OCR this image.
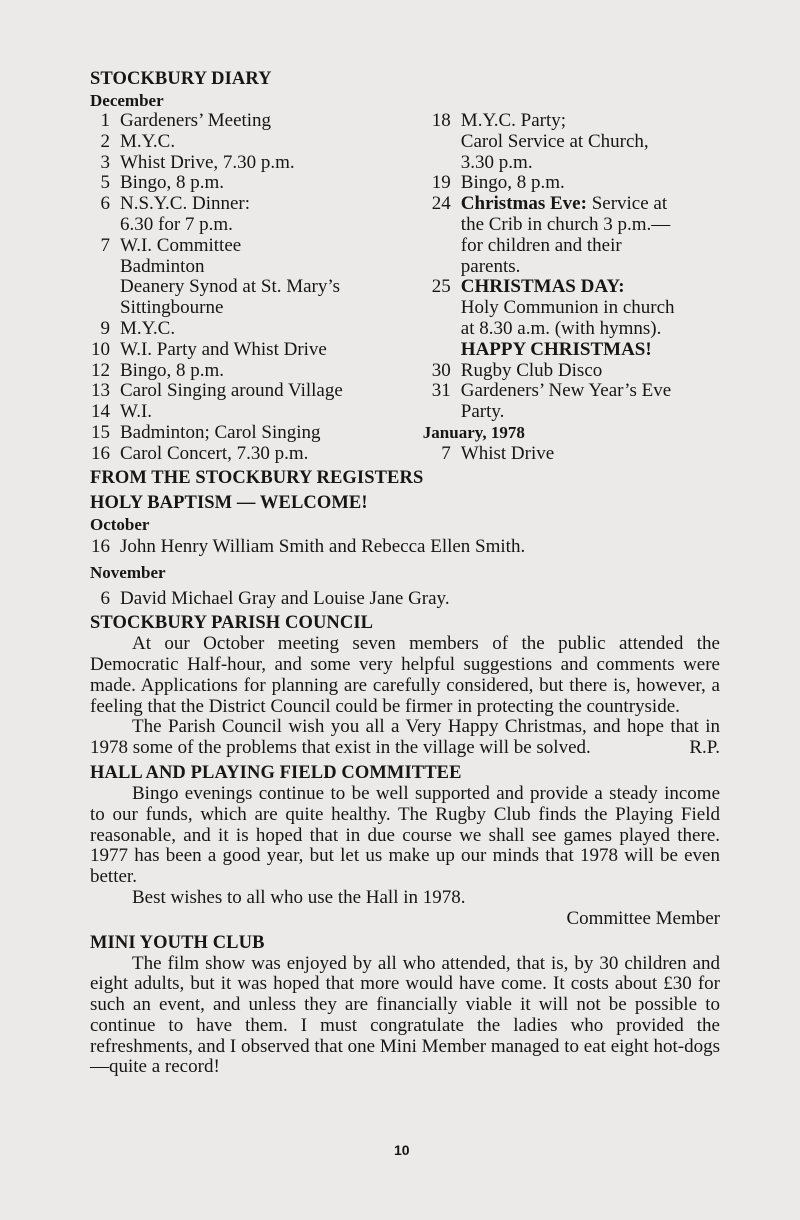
STOCKBURY DIARY
December
1 Gardeners’ Meeting
2 M.Y.C.
3 Whist Drive, 7.30 p.m.
5 Bingo, 8 p.m.
6 N.S.Y.C. Dinner:
6.30 for 7 p.m.
7 W.I. Committee
Badminton
Deanery Synod at St. Mary’s
Sittingbourne
9 M.Y.C.
10 W.I. Party and Whist Drive
12 Bingo, 8 p.m.
13 Carol Singing around Village
14 W.I.
15 Badminton; Carol Singing
16 Carol Concert, 7.30 p.m.
18 M.Y.C. Party;
Carol Service at Church,
3.30 p.m.
19 Bingo, 8 p.m.
24 Christmas Eve: Service at
the Crib in church 3 p.m.—
for children and their
parents.
25 CHRISTMAS DAY:
Holy Communion in church
at 8.30 a.m. (with hymns).
HAPPY CHRISTMAS!
30 Rugby Club Disco
31 Gardeners’ New Year’s Eve
Party.
January, 1978
7 Whist Drive
FROM THE STOCKBURY REGISTERS
HOLY BAPTISM — WELCOME!
October
16 John Henry William Smith and Rebecca Ellen Smith.
November
6 David Michael Gray and Louise Jane Gray.
STOCKBURY PARISH COUNCIL

At our October meeting seven members of the public attended the Democratic Half-hour, and some very helpful suggestions and comments were made. Applications for planning are carefully considered, but there is, however, a feeling that the District Council could be firmer in protecting the countryside.

The Parish Council wish you all a Very Happy Christmas, and hope that in 1978 some of the problems that exist in the village will be solved.	R.P.

HALL AND PLAYING FIELD COMMITTEE

Bingo evenings continue to be well supported and provide a steady income to our funds, which are quite healthy. The Rugby Club finds the Playing Field reasonable, and it is hoped that in due course we shall see games played there. 1977 has been a good year, but let us make up our minds that 1978 will be even better.

Best wishes to all who use the Hall in 1978.

Committee Member

MINI YOUTH CLUB

The film show was enjoyed by all who attended, that is, by 30 children and eight adults, but it was hoped that more would have come. It costs about £30 for such an event, and unless they are financially viable it will not be possible to continue to have them. I must congratulate the ladies who provided the refreshments, and I observed that one Mini Member managed to eat eight hot-dogs—quite a record!

10
